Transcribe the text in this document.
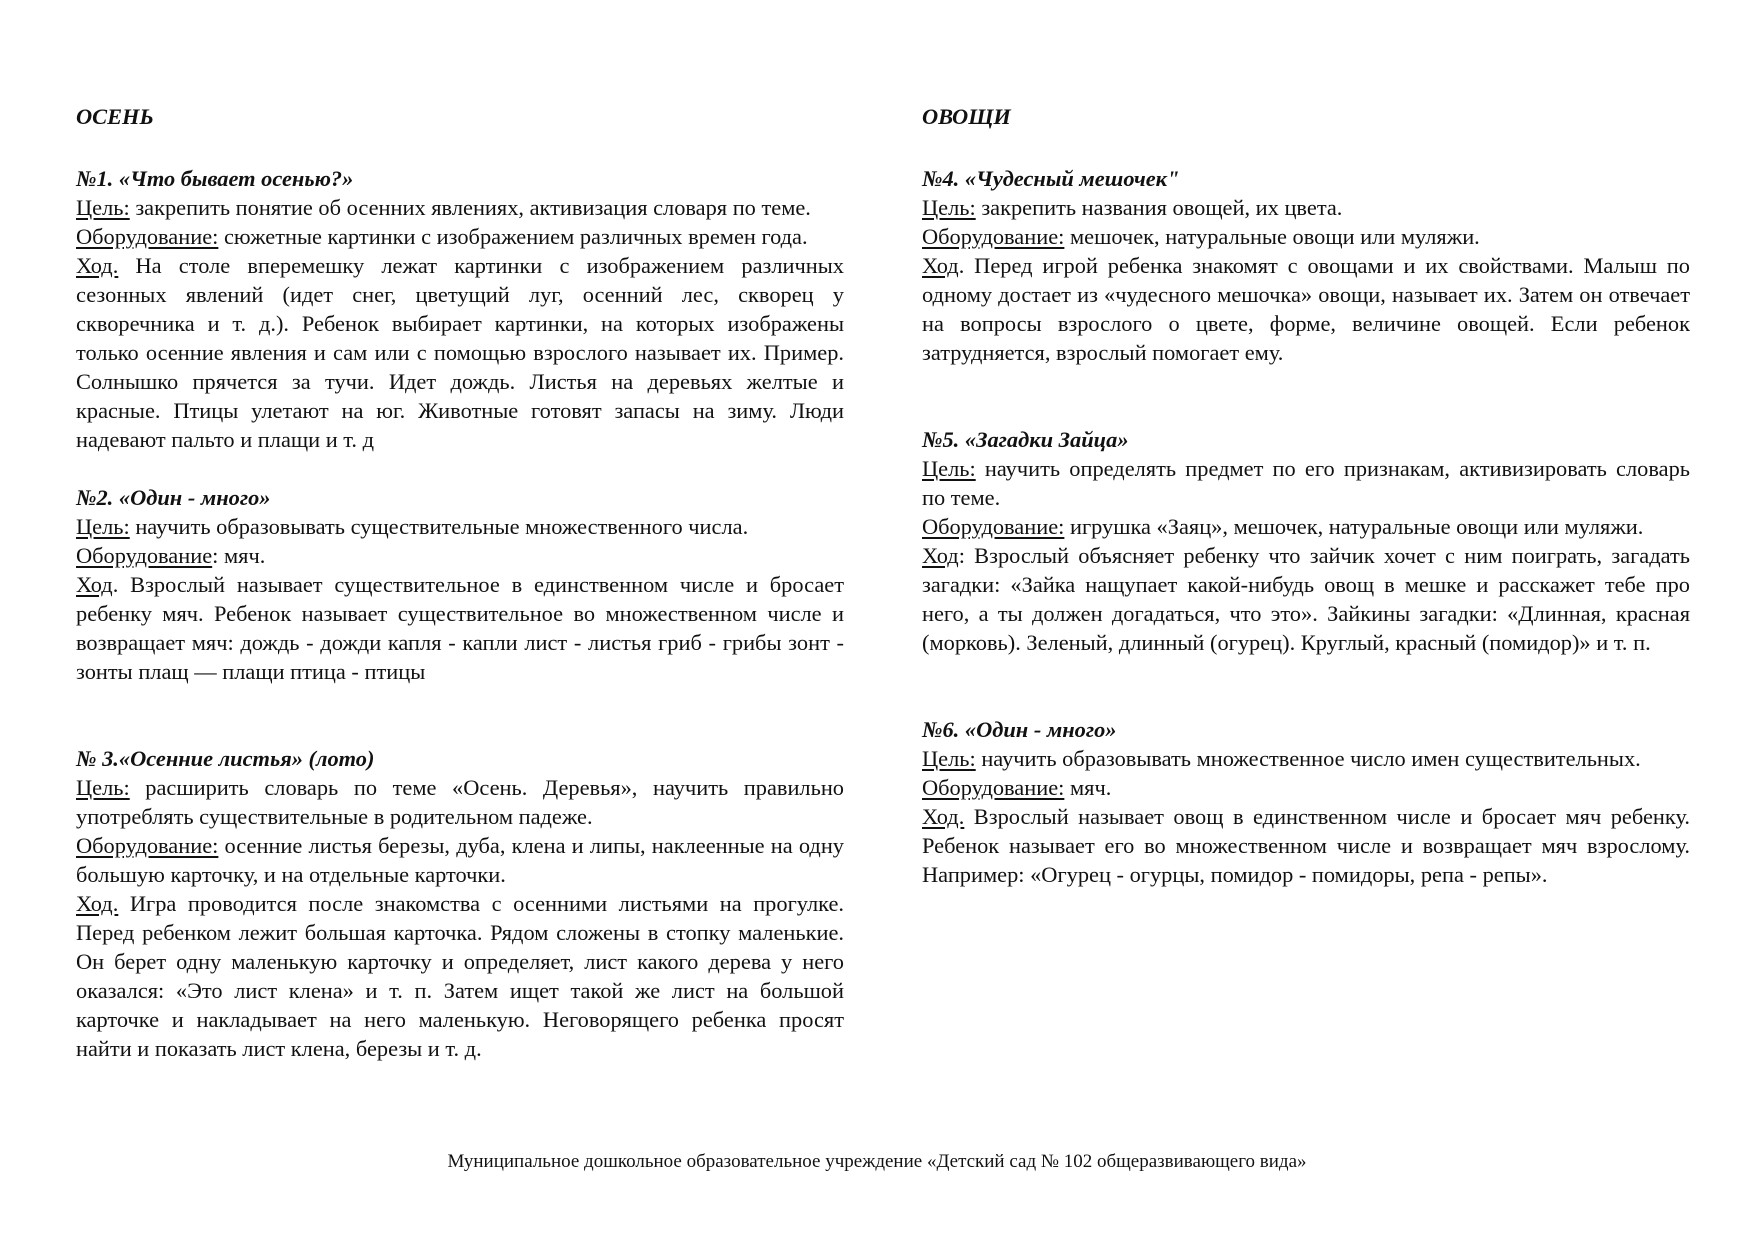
ОСЕНЬ

№1. «Что бывает осенью?»

Цель: закрепить понятие об осенних явлениях, активизация словаря по теме.

Оборудование: сюжетные картинки с изображением различных времен года.

Ход. На столе вперемешку лежат картинки с изображением различных сезонных явлений (идет снег, цветущий луг, осенний лес, скворец у скворечника и т. д.). Ребенок выбирает картинки, на которых изображены только осенние явления и сам или с помощью взрослого называет их. Пример. Солнышко прячется за тучи. Идет дождь. Листья на деревьях желтые и красные. Птицы улетают на юг. Животные готовят запасы на зиму. Люди надевают пальто и плащи и т. д

№2. «Один - много»

Цель: научить образовывать существительные множественного числа.

Оборудование: мяч.

Ход. Взрослый называет существительное в единственном числе и бросает ребенку мяч. Ребенок называет существительное во множественном числе и возвращает мяч: дождь - дожди капля - капли лист - листья гриб - грибы зонт - зонты плащ — плащи птица - птицы

№ 3.«Осенние листья» (лото)

Цель: расширить словарь по теме «Осень. Деревья», научить правильно употреблять существительные в родительном падеже.

Оборудование: осенние листья березы, дуба, клена и липы, наклеенные на одну большую карточку, и на отдельные карточки.

Ход. Игра проводится после знакомства с осенними листьями на прогулке. Перед ребенком лежит большая карточка. Рядом сложены в стопку маленькие. Он берет одну маленькую карточку и определяет, лист какого дерева у него оказался: «Это лист клена» и т. п. Затем ищет такой же лист на большой карточке и накладывает на него маленькую. Неговорящего ребенка просят найти и показать лист клена, березы и т. д.

ОВОЩИ

№4. «Чудесный мешочек"

Цель: закрепить названия овощей, их цвета.

Оборудование: мешочек, натуральные овощи или муляжи.

Ход. Перед игрой ребенка знакомят с овощами и их свойствами. Малыш по одному достает из «чудесного мешочка» овощи, называет их. Затем он отвечает на вопросы взрослого о цвете, форме, величине овощей. Если ребенок затрудняется, взрослый помогает ему.

№5. «Загадки Зайца»

Цель: научить определять предмет по его признакам, активизировать словарь по теме.

Оборудование: игрушка «Заяц», мешочек, натуральные овощи или муляжи.

Ход: Взрослый объясняет ребенку что зайчик хочет с ним поиграть, загадать загадки: «Зайка нащупает какой-нибудь овощ в мешке и расскажет тебе про него, а ты должен догадаться, что это». Зайкины загадки: «Длинная, красная (морковь). Зеленый, длинный (огурец). Круглый, красный (помидор)» и т. п.

№6. «Один - много»

Цель: научить образовывать множественное число имен существительных.

Оборудование: мяч.

Ход. Взрослый называет овощ в единственном числе и бросает мяч ребенку. Ребенок называет его во множественном числе и возвращает мяч взрослому. Например: «Огурец - огурцы, помидор - помидоры, репа - репы».

Муниципальное дошкольное образовательное учреждение «Детский сад № 102 общеразвивающего вида»
